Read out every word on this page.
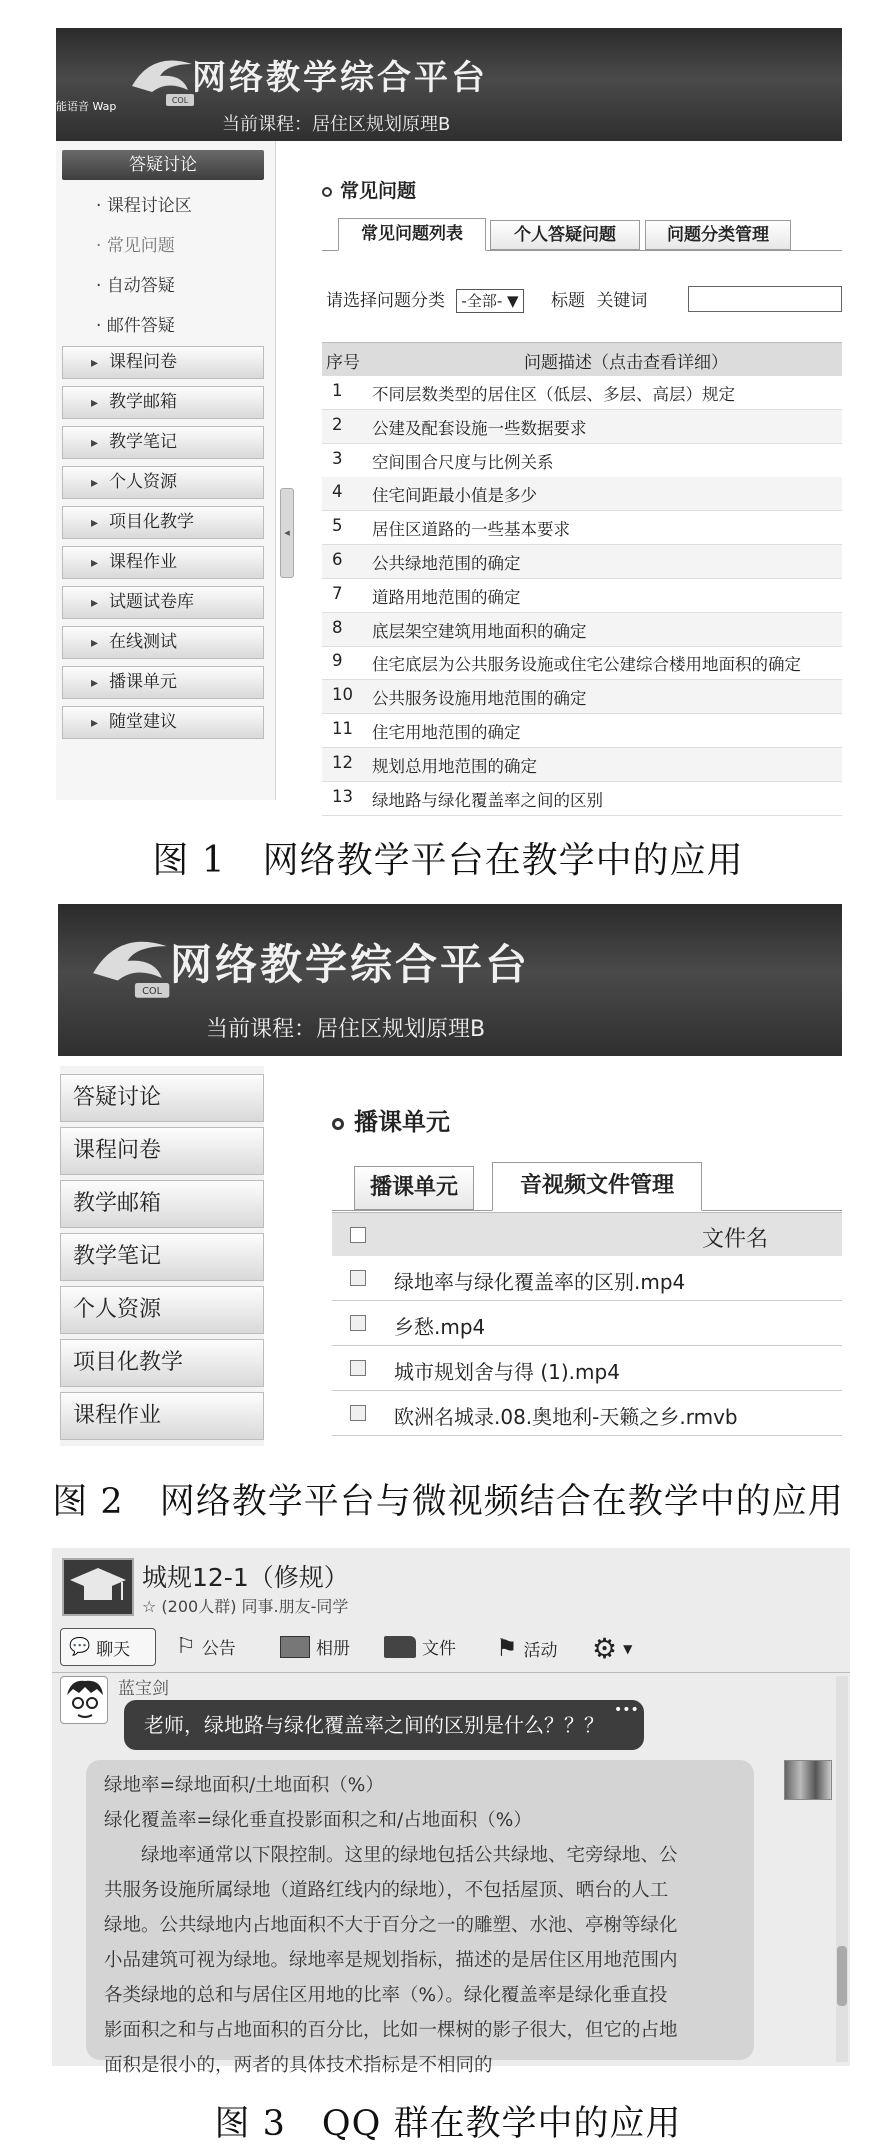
COL
网络教学综合平台
当前课程：居住区规划原理B
能语音 Wap
答疑讨论
· 课程讨论区
· 常见问题
· 自动答疑
· 邮件答疑
▸ 课程问卷
▸ 教学邮箱
▸ 教学笔记
▸ 个人资源
▸ 项目化教学
▸ 课程作业
▸ 试题试卷库
▸ 在线测试
▸ 播课单元
▸ 随堂建议
◂
常见问题
常见问题列表	个人答疑问题	问题分类管理
请选择问题分类 -全部- ▼ 标题 关键词
序号	问题描述（点击查看详细）
1 不同层数类型的居住区（低层、多层、高层）规定
2 公建及配套设施一些数据要求
3 空间围合尺度与比例关系
4 住宅间距最小值是多少
5 居住区道路的一些基本要求
6 公共绿地范围的确定
7 道路用地范围的确定
8 底层架空建筑用地面积的确定
9 住宅底层为公共服务设施或住宅公建综合楼用地面积的确定
10 公共服务设施用地范围的确定
11 住宅用地范围的确定
12 规划总用地范围的确定
13 绿地路与绿化覆盖率之间的区别
图 1　网络教学平台在教学中的应用
COL
网络教学综合平台
当前课程：居住区规划原理B
答疑讨论
课程问卷
教学邮箱
教学笔记
个人资源
项目化教学
课程作业
播课单元
播课单元	音视频文件管理
文件名
绿地率与绿化覆盖率的区别.mp4
乡愁.mp4
城市规划舍与得 (1).mp4
欧洲名城录.08.奥地利-天籁之乡.rmvb
图 2　网络教学平台与微视频结合在教学中的应用
城规12-1（修规）
☆ (200人群) 同事.朋友-同学
💬 聊天 ⚐ 公告	相册	文件 ⚑ 活动 ⚙ ▼
蓝宝剑
老师，绿地路与绿化覆盖率之间的区别是什么？？？
•••

绿地率=绿地面积/土地面积（%）

绿化覆盖率=绿化垂直投影面积之和/占地面积（%）

　　绿地率通常以下限控制。这里的绿地包括公共绿地、宅旁绿地、公

共服务设施所属绿地（道路红线内的绿地），不包括屋顶、晒台的人工

绿地。公共绿地内占地面积不大于百分之一的雕塑、水池、亭榭等绿化

小品建筑可视为绿地。绿地率是规划指标，描述的是居住区用地范围内

各类绿地的总和与居住区用地的比率（%）。绿化覆盖率是绿化垂直投

影面积之和与占地面积的百分比，比如一棵树的影子很大，但它的占地

面积是很小的，两者的具体技术指标是不相同的

图 3　QQ 群在教学中的应用
